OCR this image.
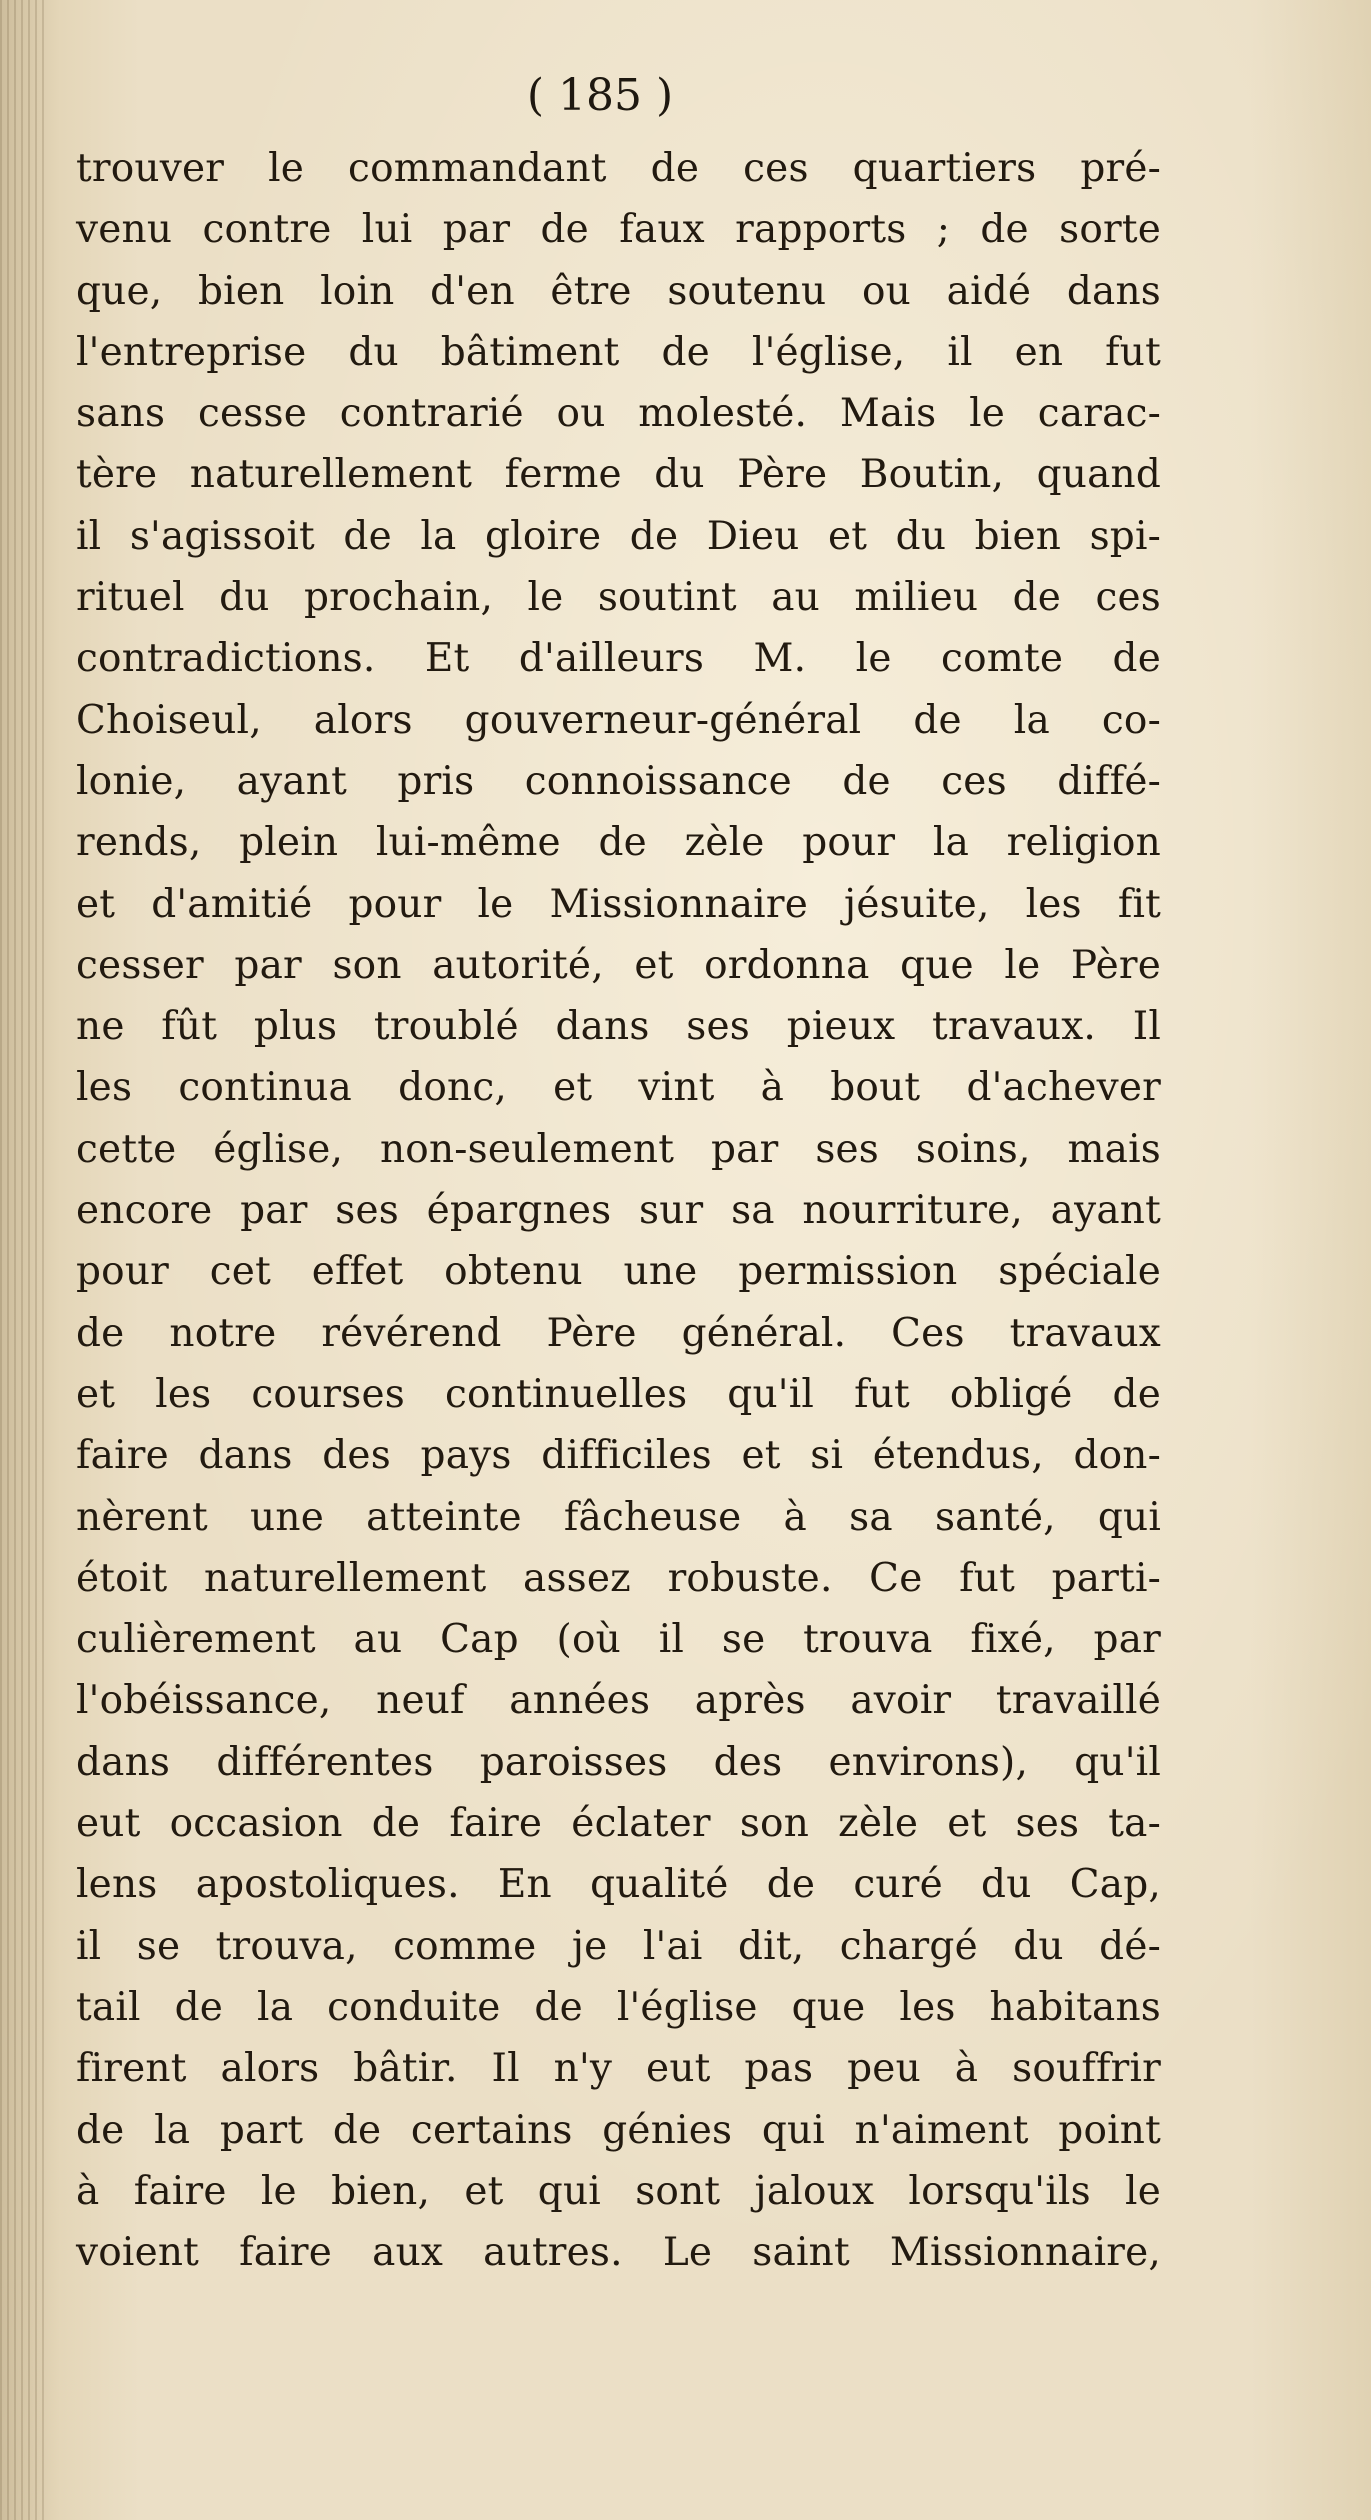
( 185 )
trouver le commandant de ces quartiers pré-
venu contre lui par de faux rapports ; de sorte
que, bien loin d'en être soutenu ou aidé dans
l'entreprise du bâtiment de l'église, il en fut
sans cesse contrarié ou molesté. Mais le carac-
tère naturellement ferme du Père Boutin, quand
il s'agissoit de la gloire de Dieu et du bien spi-
rituel du prochain, le soutint au milieu de ces
contradictions. Et d'ailleurs M. le comte de
Choiseul, alors gouverneur-général de la co-
lonie, ayant pris connoissance de ces diffé-
rends, plein lui-même de zèle pour la religion
et d'amitié pour le Missionnaire jésuite, les fit
cesser par son autorité, et ordonna que le Père
ne fût plus troublé dans ses pieux travaux. Il
les continua donc, et vint à bout d'achever
cette église, non-seulement par ses soins, mais
encore par ses épargnes sur sa nourriture, ayant
pour cet effet obtenu une permission spéciale
de notre révérend Père général. Ces travaux
et les courses continuelles qu'il fut obligé de
faire dans des pays difficiles et si étendus, don-
nèrent une atteinte fâcheuse à sa santé, qui
étoit naturellement assez robuste. Ce fut parti-
culièrement au Cap (où il se trouva fixé, par
l'obéissance, neuf années après avoir travaillé
dans différentes paroisses des environs), qu'il
eut occasion de faire éclater son zèle et ses ta-
lens apostoliques. En qualité de curé du Cap,
il se trouva, comme je l'ai dit, chargé du dé-
tail de la conduite de l'église que les habitans
firent alors bâtir. Il n'y eut pas peu à souffrir
de la part de certains génies qui n'aiment point
à faire le bien, et qui sont jaloux lorsqu'ils le
voient faire aux autres. Le saint Missionnaire,
